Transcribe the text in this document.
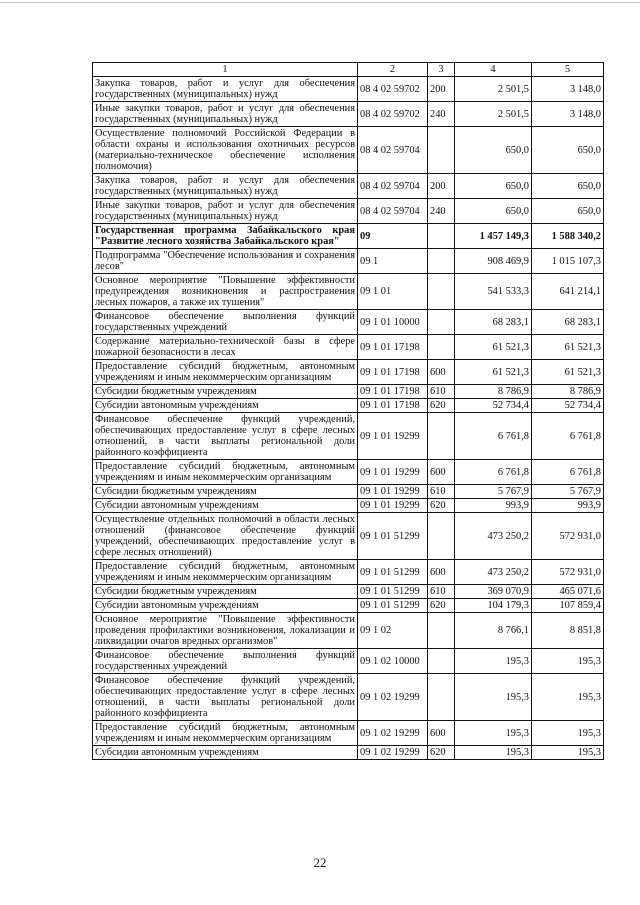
1	2	3	4	5
Закупка товаров, работ и услуг для обеспечения государственных (муниципальных) нужд	08 4 02 59702	200	2 501,5	3 148,0
Иные закупки товаров, работ и услуг для обеспечения государственных (муниципальных) нужд	08 4 02 59702	240	2 501,5	3 148,0
Осуществление полномочий Российской Федерации в области охраны и использования охотничьих ресурсов (материально-техническое обеспечение исполнения полномочия)	08 4 02 59704		650,0	650,0
Закупка товаров, работ и услуг для обеспечения государственных (муниципальных) нужд	08 4 02 59704	200	650,0	650,0
Иные закупки товаров, работ и услуг для обеспечения государственных (муниципальных) нужд	08 4 02 59704	240	650,0	650,0
Государственная программа Забайкальского края "Развитие лесного хозяйства Забайкальского края"	09		1 457 149,3	1 588 340,2
Подпрограмма "Обеспечение использования и сохранения лесов"	09 1		908 469,9	1 015 107,3
Основное мероприятие "Повышение эффективности предупреждения возникновения и распространения лесных пожаров, а также их тушения"	09 1 01		541 533,3	641 214,1
Финансовое обеспечение выполнения функций государственных учреждений	09 1 01 10000		68 283,1	68 283,1
Содержание материально-технической базы в сфере пожарной безопасности в лесах	09 1 01 17198		61 521,3	61 521,3
Предоставление субсидий бюджетным, автономным учреждениям и иным некоммерческим организациям	09 1 01 17198	600	61 521,3	61 521,3
Субсидии бюджетным учреждениям	09 1 01 17198	610	8 786,9	8 786,9
Субсидии автономным учреждениям	09 1 01 17198	620	52 734,4	52 734,4
Финансовое обеспечение функций учреждений, обеспечивающих предоставление услуг в сфере лесных отношений, в части выплаты региональной доли районного коэффициента	09 1 01 19299		6 761,8	6 761,8
Предоставление субсидий бюджетным, автономным учреждениям и иным некоммерческим организациям	09 1 01 19299	600	6 761,8	6 761,8
Субсидии бюджетным учреждениям	09 1 01 19299	610	5 767,9	5 767,9
Субсидии автономным учреждениям	09 1 01 19299	620	993,9	993,9
Осуществление отдельных полномочий в области лесных отношений (финансовое обеспечение функций учреждений, обеспечивающих предоставление услуг в сфере лесных отношений)	09 1 01 51299		473 250,2	572 931,0
Предоставление субсидий бюджетным, автономным учреждениям и иным некоммерческим организациям	09 1 01 51299	600	473 250,2	572 931,0
Субсидии бюджетным учреждениям	09 1 01 51299	610	369 070,9	465 071,6
Субсидии автономным учреждениям	09 1 01 51299	620	104 179,3	107 859,4
Основное мероприятие "Повышение эффективности проведения профилактики возникновения, локализации и ликвидации очагов вредных организмов"	09 1 02		8 766,1	8 851,8
Финансовое обеспечение выполнения функций государственных учреждений	09 1 02 10000		195,3	195,3
Финансовое обеспечение функций учреждений, обеспечивающих предоставление услуг в сфере лесных отношений, в части выплаты региональной доли районного коэффициента	09 1 02 19299		195,3	195,3
Предоставление субсидий бюджетным, автономным учреждениям и иным некоммерческим организациям	09 1 02 19299	600	195,3	195,3
Субсидии автономным учреждениям	09 1 02 19299	620	195,3	195,3
22
